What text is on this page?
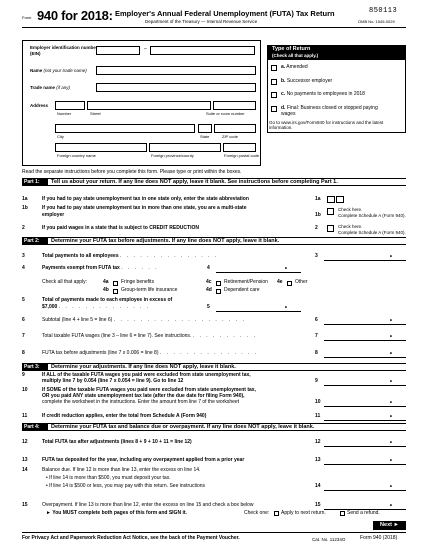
Form 940 for 2018: Employer's Annual Federal Unemployment (FUTA) Tax Return
Department of the Treasury — Internal Revenue Service
850113
OMB No. 1545-0029
Employer identification number
(EIN)
–
Name (not your trade name)
Trade name (if any)
Address
Number	Street	Suite or room number
City	State	ZIP code
Foreign country name	Foreign province/county	Foreign postal code
Type of Return
(Check all that apply.)
a. Amended
b. Successor employer
c. No payments to employees in 2018
d. Final: Business closed or stopped paying wages
Go to www.irs.gov/Form940 for instructions and the latest information.
Read the separate instructions before you complete this form. Please type or print within the boxes.
Part 1:	Tell us about your return. If any line does NOT apply, leave it blank. See instructions before completing Part 1.
1a	If you had to pay state unemployment tax in one state only, enter the state abbreviation	1a
1b	If you had to pay state unemployment tax in more than one state, you are a multi-state
employer	1b
Check here.
Complete Schedule A (Form 940).
2	If you paid wages in a state that is subject to CREDIT REDUCTION	2	Check here.
Complete Schedule A (Form 940).
Part 2:	Determine your FUTA tax before adjustments. If any line does NOT apply, leave it blank.
3	Total payments to all employees . . . . . . . . . . . . . . .	3	•
4	Payments exempt from FUTA tax . . . . . .	4	•
Check all that apply:	4a Fringe benefits
4b Group-term life insurance
4c Retirement/Pension
4d Dependent care
4e Other
5	Total of payments made to each employee in excess of
$7,000 . . . . . . . . . . . . . .	5	•
6	Subtotal (line 4 + line 5 = line 6) . . . . . . . . . . . . . . . . . . . .	6	•
7	Total taxable FUTA wages (line 3 – line 6 = line 7). See instructions. . . . . . . . . . .	7	•
8	FUTA tax before adjustments (line 7 x 0.006 = line 8) . . . . . . . . . . . . . . .	8	•
Part 3:	Determine your adjustments. If any line does NOT apply, leave it blank.
9	If ALL of the taxable FUTA wages you paid were excluded from state unemployment tax,
multiply line 7 by 0.054 (line 7 x 0.054 = line 9). Go to line 12	9	•
10	If SOME of the taxable FUTA wages you paid were excluded from state unemployment tax,
OR you paid ANY state unemployment tax late (after the due date for filing Form 940),
complete the worksheet in the instructions. Enter the amount from line 7 of the worksheet	10	•
11	If credit reduction applies, enter the total from Schedule A (Form 940)	11	•
Part 4:	Determine your FUTA tax and balance due or overpayment. If any line does NOT apply, leave it blank.
12	Total FUTA tax after adjustments (lines 8 + 9 + 10 + 11 = line 12)	12	•
13	FUTA tax deposited for the year, including any overpayment applied from a prior year	13	•
14	Balance due. If line 12 is more than line 13, enter the excess on line 14.
• If line 14 is more than $500, you must deposit your tax.
• If line 14 is $500 or less, you may pay with this return. See instructions	14	•
15	Overpayment. If line 13 is more than line 12, enter the excess on line 15 and check a box below
► You MUST complete both pages of this form and SIGN it.
15	•
Check one: Apply to next return.	Send a refund.
Next ►
For Privacy Act and Paperwork Reduction Act Notice, see the back of the Payment Voucher.	Cat. No. 11234O	Form 940 (2018)
